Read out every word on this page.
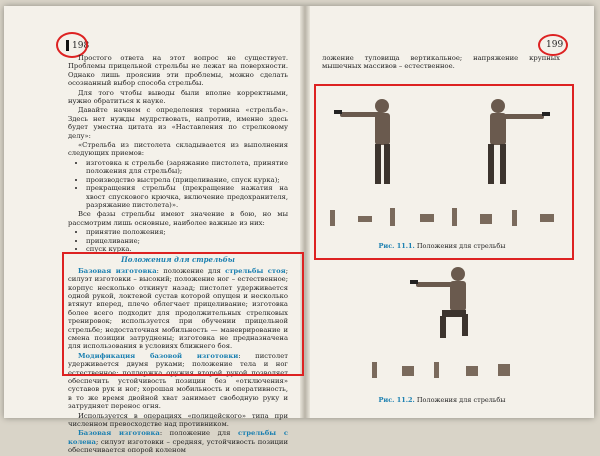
198

Простого ответа на этот вопрос не существует. Проблемы прицельной стрельбы не лежат на поверхности. Однако лишь прояснив эти проблемы, можно сделать осознанный выбор способа стрельбы.

Для того чтобы выводы были вполне корректными, нужно обратиться к науке.

Давайте начнем с определения термина «стрельба». Здесь нет нужды мудрствовать, напротив, именно здесь будет уместна цитата из «Наставления по стрелковому делу»:

«Стрельба из пистолета складывается из выполнения следующих приемов:

• изготовка к стрельбе (заряжание пистолета, принятие положения для стрельбы);
• производство выстрела (прицеливание, спуск курка);
• прекращения стрельбы (прекращение нажатия на хвост спускового крючка, включение предохранителя, разряжание пистолета)».

Все фазы стрельбы имеют значение в бою, но мы рассмотрим лишь основные, наиболее важные из них:

• принятие положения;
• прицеливание;
• спуск курка.
Положения для стрельбы

Базовая изготовка: положение для стрельбы стоя; силуэт изготовки – высокий; положение ног – естественное; корпус несколько откинут назад; пистолет удерживается одной рукой, локтевой сустав которой опущен и несколько втянут вперед, плечо облегчает прицеливание; изготовка более всего подходит для продолжительных стрелковых тренировок; используется при обучении прицельной стрельбе; недостаточная мобильность — маневрирование и смена позиции затруднены; изготовка не предназначена для использования в условиях ближнего боя.

Модификация базовой изготовки: пистолет удерживается двумя руками; положение тела и ног естественное; поддержка оружия второй рукой позволяет обеспечить устойчивость позиции без «отключения» суставов рук и ног; хорошая мобильность и оперативность, в то же время двойной хват занимает свободную руку и затрудняет перенос огня.

Используется в операциях «полицейского» типа при численном превосходстве над противником.

Базовая изготовка: положение для стрельбы с колена; силуэт изготовки – средняя, устойчивость позиции обеспечивается опорой коленом

199
ложение туловища вертикальное; напряжение крупных мышечных массивов – естественное.
Рис. 11.1. Положения для стрельбы
Рис. 11.2. Положения для стрельбы
